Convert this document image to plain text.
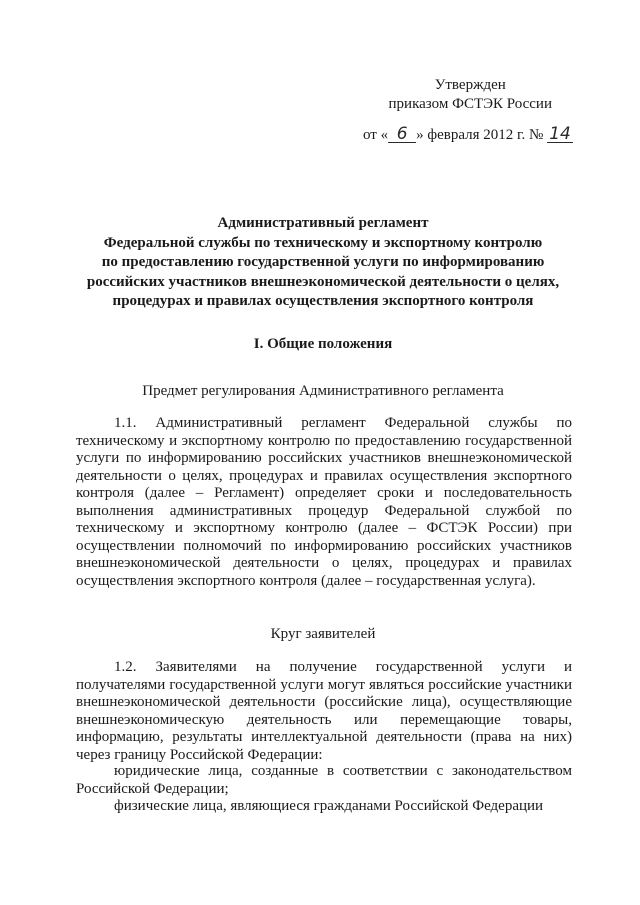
Утвержден
приказом ФСТЭК России
от « 6 » февраля 2012 г. № 14
Административный регламент
Федеральной службы по техническому и экспортному контролю
по предоставлению государственной услуги по информированию
российских участников внешнеэкономической деятельности о целях,
процедурах и правилах осуществления экспортного контроля
I. Общие положения
Предмет регулирования Административного регламента
1.1. Административный регламент Федеральной службы по техническому и экспортному контролю по предоставлению государственной услуги по информированию российских участников внешнеэкономической деятельности о целях, процедурах и правилах осуществления экспортного контроля (далее – Регламент) определяет сроки и последовательность выполнения административных процедур Федеральной службой по техническому и экспортному контролю (далее – ФСТЭК России) при осуществлении полномочий по информированию российских участников внешнеэкономической деятельности о целях, процедурах и правилах осуществления экспортного контроля (далее – государственная услуга).
Круг заявителей
1.2. Заявителями на получение государственной услуги и получателями государственной услуги могут являться российские участники внешнеэкономической деятельности (российские лица), осуществляющие внешнеэкономическую деятельность или перемещающие товары, информацию, результаты интеллектуальной деятельности (права на них) через границу Российской Федерации:
юридические лица, созданные в соответствии с законодательством Российской Федерации;
физические лица, являющиеся гражданами Российской Федерации
